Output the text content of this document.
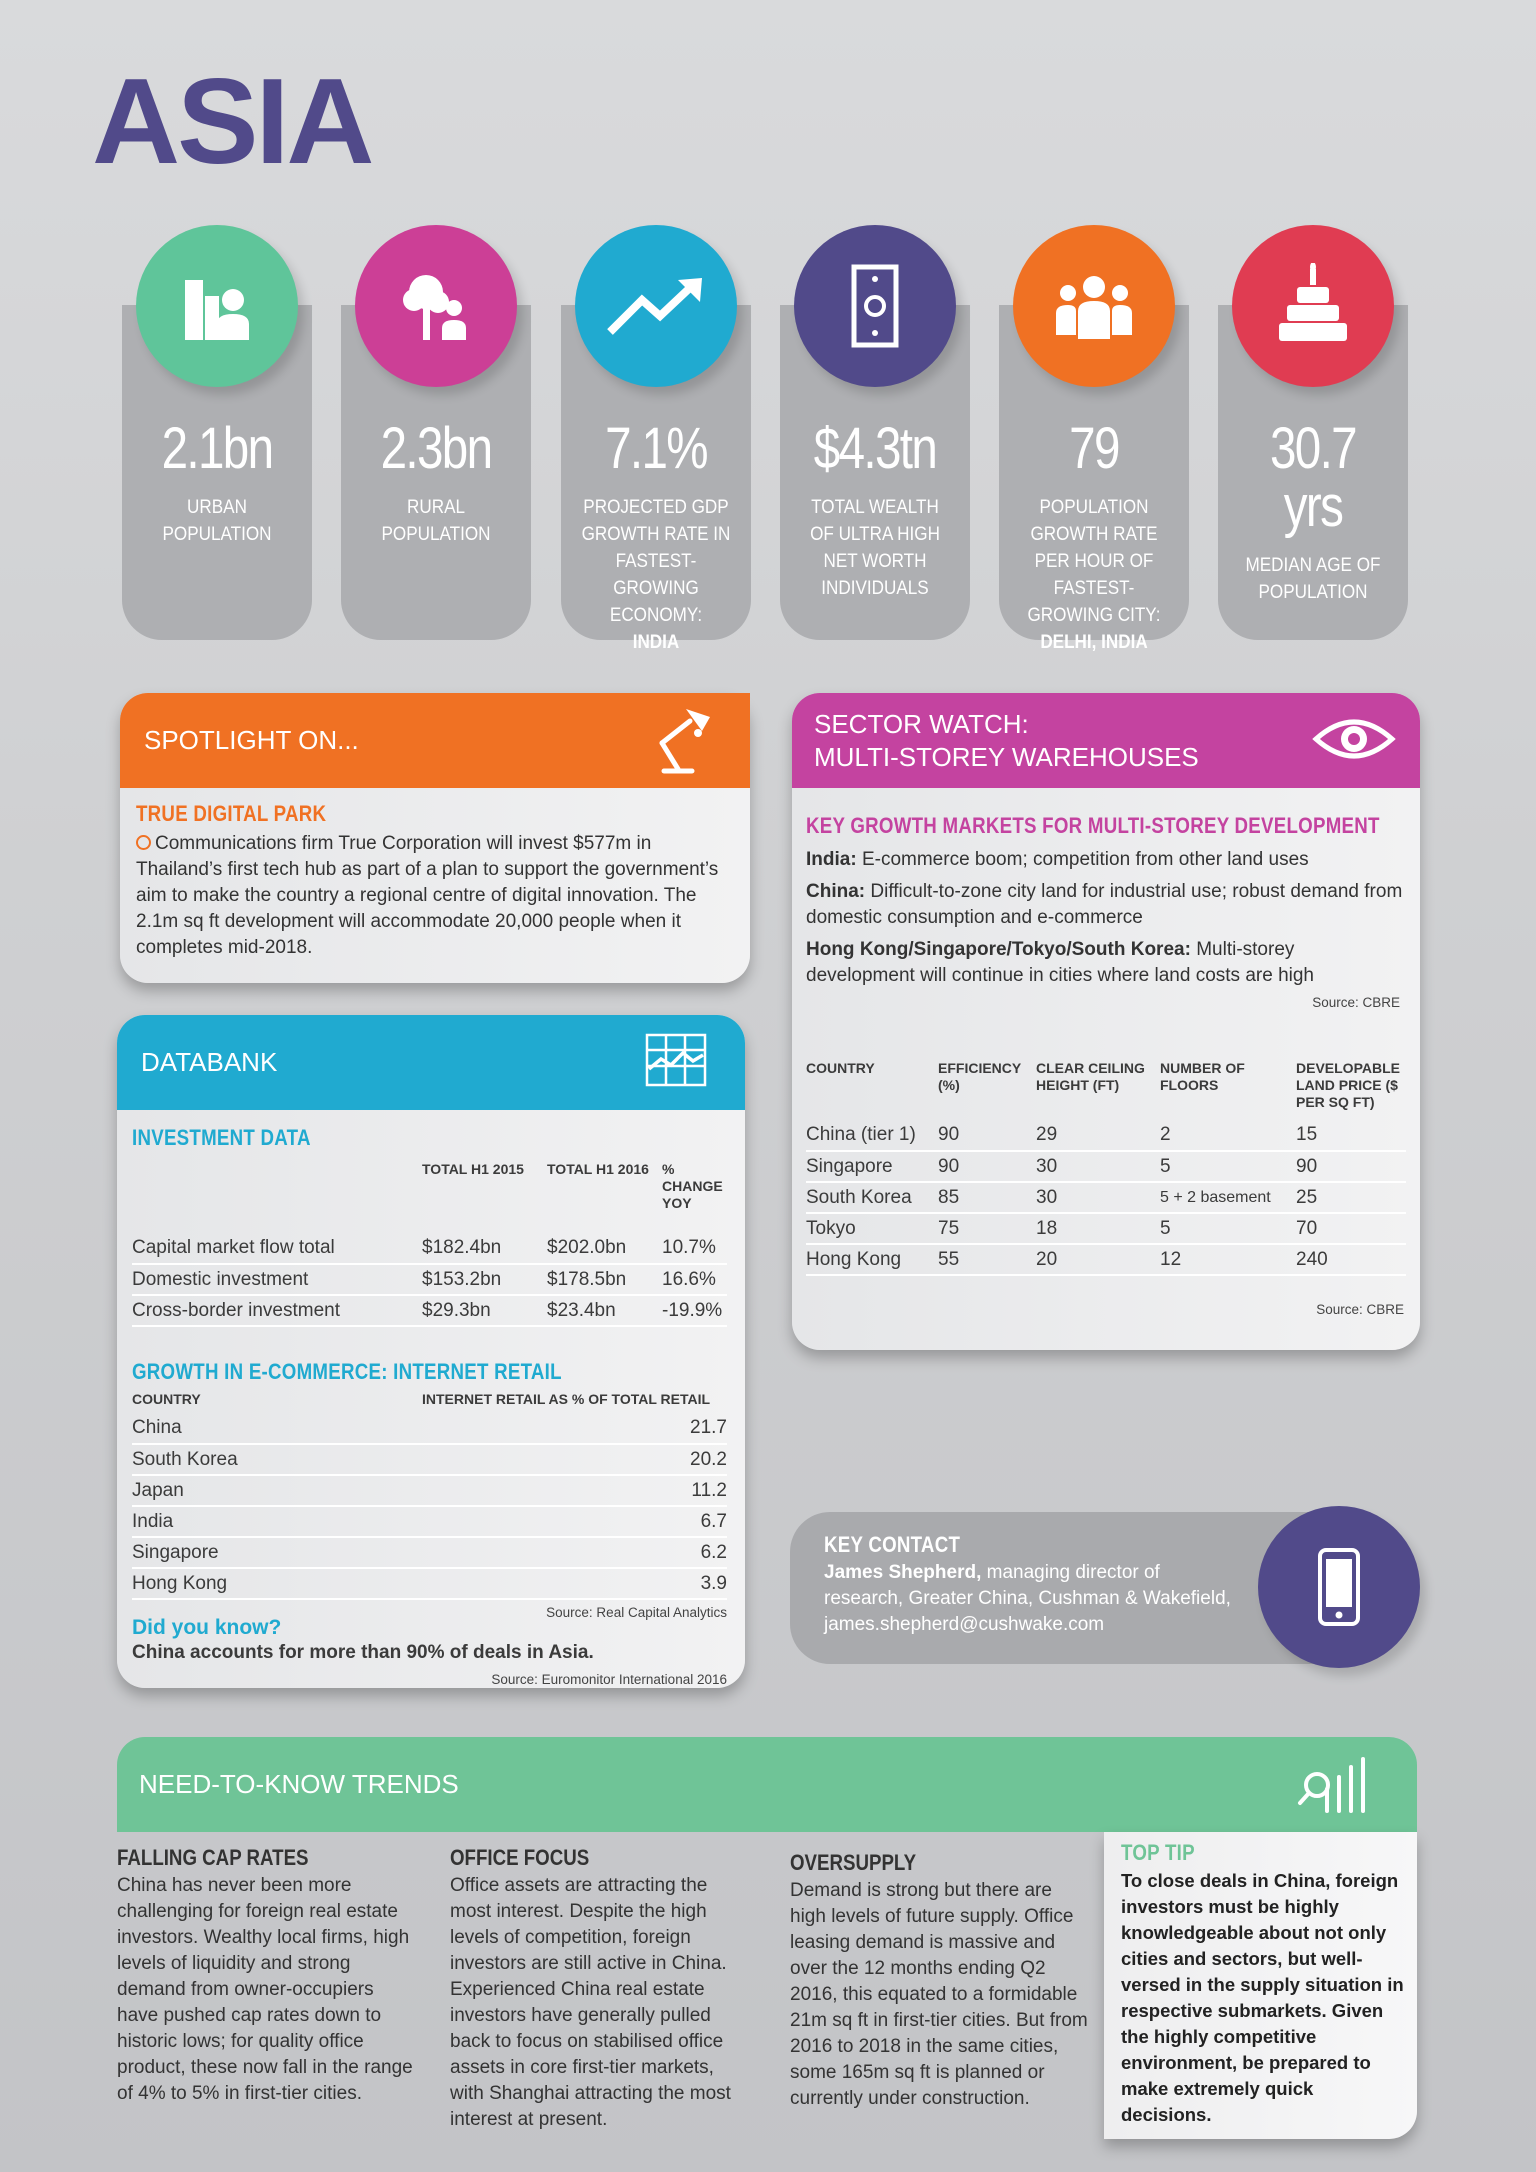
ASIA
2.1bn
URBAN POPULATION
2.3bn
RURAL POPULATION
7.1%
PROJECTED GDP GROWTH RATE IN FASTEST-GROWING ECONOMY:
INDIA
$4.3tn
TOTAL WEALTH OF ULTRA HIGH NET WORTH INDIVIDUALS
79
POPULATION GROWTH RATE PER HOUR OF FASTEST-GROWING CITY:
DELHI, INDIA
30.7 yrs
MEDIAN AGE OF POPULATION
SPOTLIGHT ON...
TRUE DIGITAL PARK
Communications firm True Corporation will invest $577m in Thailand’s first tech hub as part of a plan to support the government’s aim to make the country a regional centre of digital innovation. The 2.1m sq ft development will accommodate 20,000 people when it completes mid-2018.
DATABANK
INVESTMENT DATA
	TOTAL H1 2015	TOTAL H1 2016	% CHANGE YOY
Capital market flow total	$182.4bn	$202.0bn	10.7%
Domestic investment	$153.2bn	$178.5bn	16.6%
Cross-border investment	$29.3bn	$23.4bn	-19.9%
GROWTH IN E-COMMERCE: INTERNET RETAIL
COUNTRY	INTERNET RETAIL AS % OF TOTAL RETAIL
China	21.7
South Korea	20.2
Japan	11.2
India	6.7
Singapore	6.2
Hong Kong	3.9
Source: Real Capital Analytics
Did you know?
China accounts for more than 90% of deals in Asia.
Source: Euromonitor International 2016
SECTOR WATCH:
MULTI-STOREY WAREHOUSES
KEY GROWTH MARKETS FOR MULTI-STOREY DEVELOPMENT
India: E-commerce boom; competition from other land uses
China: Difficult-to-zone city land for industrial use; robust demand from domestic consumption and e-commerce
Hong Kong/Singapore/Tokyo/South Korea: Multi-storey development will continue in cities where land costs are high
Source: CBRE
COUNTRY	EFFICIENCY (%)	CLEAR CEILING HEIGHT (FT)	NUMBER OF FLOORS	DEVELOPABLE LAND PRICE ($ PER SQ FT)
China (tier 1)	90	29	2	15
Singapore	90	30	5	90
South Korea	85	30	5 + 2 basement	25
Tokyo	75	18	5	70
Hong Kong	55	20	12	240
Source: CBRE
KEY CONTACT
James Shepherd, managing director of research, Greater China, Cushman & Wakefield, james.shepherd@cushwake.com
NEED-TO-KNOW TRENDS
FALLING CAP RATES
China has never been more challenging for foreign real estate investors. Wealthy local firms, high levels of liquidity and strong demand from owner-occupiers have pushed cap rates down to historic lows; for quality office product, these now fall in the range of 4% to 5% in first-tier cities.
OFFICE FOCUS
Office assets are attracting the most interest. Despite the high levels of competition, foreign investors are still active in China. Experienced China real estate investors have generally pulled back to focus on stabilised office assets in core first-tier markets, with Shanghai attracting the most interest at present.
OVERSUPPLY
Demand is strong but there are high levels of future supply. Office leasing demand is massive and over the 12 months ending Q2 2016, this equated to a formidable 21m sq ft in first-tier cities. But from 2016 to 2018 in the same cities, some 165m sq ft is planned or currently under construction.
TOP TIP
To close deals in China, foreign investors must be highly knowledgeable about not only cities and sectors, but well-versed in the supply situation in respective submarkets. Given the highly competitive environment, be prepared to make extremely quick decisions.
